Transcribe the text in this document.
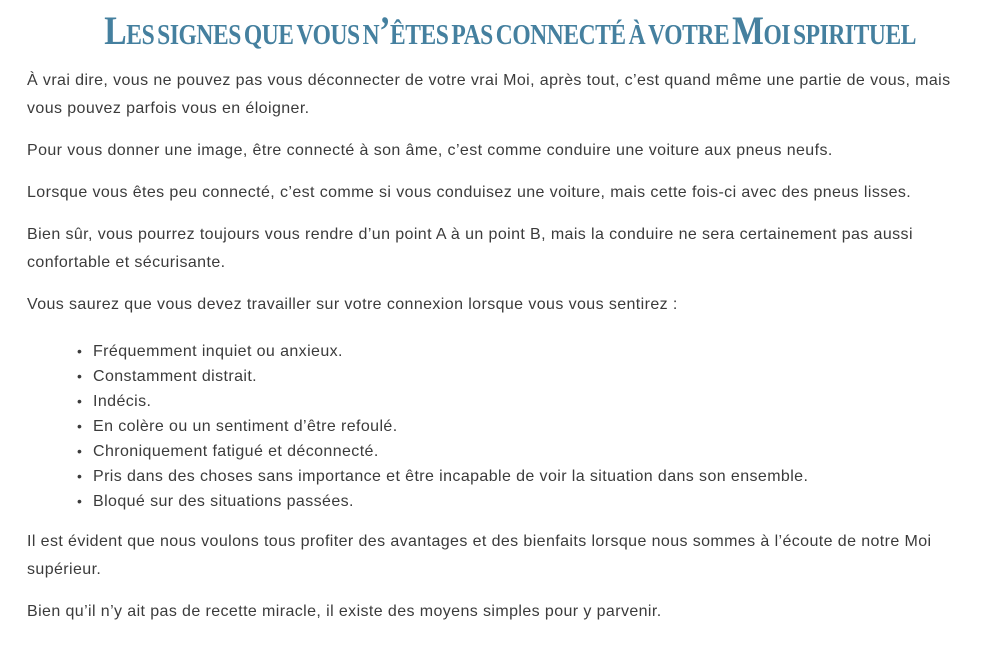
Les signes que vous n’êtes pas connecté à votre Moi spirituel

À vrai dire, vous ne pouvez pas vous déconnecter de votre vrai Moi, après tout, c’est quand même une partie de vous, mais vous pouvez parfois vous en éloigner.

Pour vous donner une image, être connecté à son âme, c’est comme conduire une voiture aux pneus neufs.

Lorsque vous êtes peu connecté, c’est comme si vous conduisez une voiture, mais cette fois-ci avec des pneus lisses.

Bien sûr, vous pourrez toujours vous rendre d’un point A à un point B, mais la conduire ne sera certainement pas aussi confortable et sécurisante.

Vous saurez que vous devez travailler sur votre connexion lorsque vous vous sentirez :

• Fréquemment inquiet ou anxieux.
• Constamment distrait.
• Indécis.
• En colère ou un sentiment d’être refoulé.
• Chroniquement fatigué et déconnecté.
• Pris dans des choses sans importance et être incapable de voir la situation dans son ensemble.
• Bloqué sur des situations passées.

Il est évident que nous voulons tous profiter des avantages et des bienfaits lorsque nous sommes à l’écoute de notre Moi supérieur.

Bien qu’il n’y ait pas de recette miracle, il existe des moyens simples pour y parvenir.
